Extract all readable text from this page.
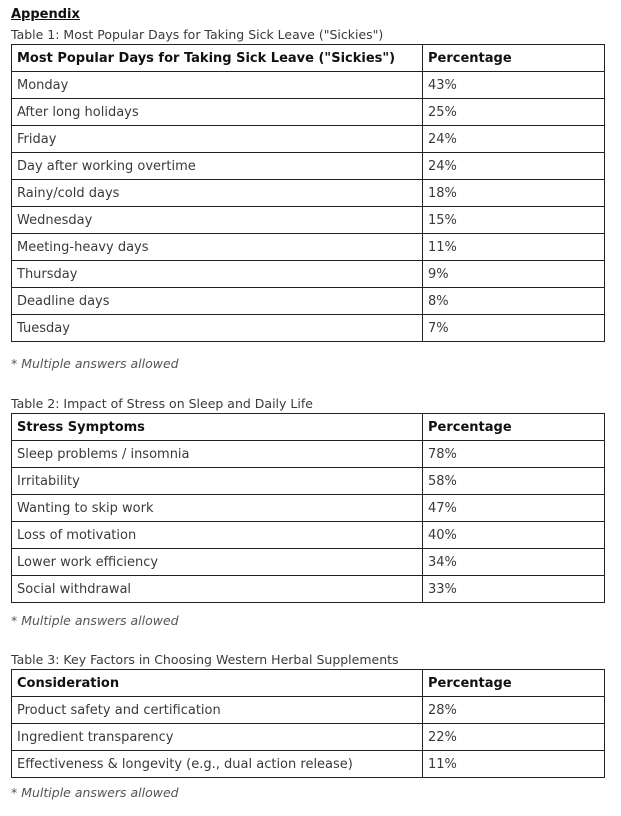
Appendix
Table 1: Most Popular Days for Taking Sick Leave ("Sickies")
Most Popular Days for Taking Sick Leave ("Sickies")	Percentage
Monday	43%
After long holidays	25%
Friday	24%
Day after working overtime	24%
Rainy/cold days	18%
Wednesday	15%
Meeting-heavy days	11%
Thursday	9%
Deadline days	8%
Tuesday	7%
* Multiple answers allowed
Table 2: Impact of Stress on Sleep and Daily Life
Stress Symptoms	Percentage
Sleep problems / insomnia	78%
Irritability	58%
Wanting to skip work	47%
Loss of motivation	40%
Lower work efficiency	34%
Social withdrawal	33%
* Multiple answers allowed
Table 3: Key Factors in Choosing Western Herbal Supplements
Consideration	Percentage
Product safety and certification	28%
Ingredient transparency	22%
Effectiveness & longevity (e.g., dual action release)	11%
* Multiple answers allowed
